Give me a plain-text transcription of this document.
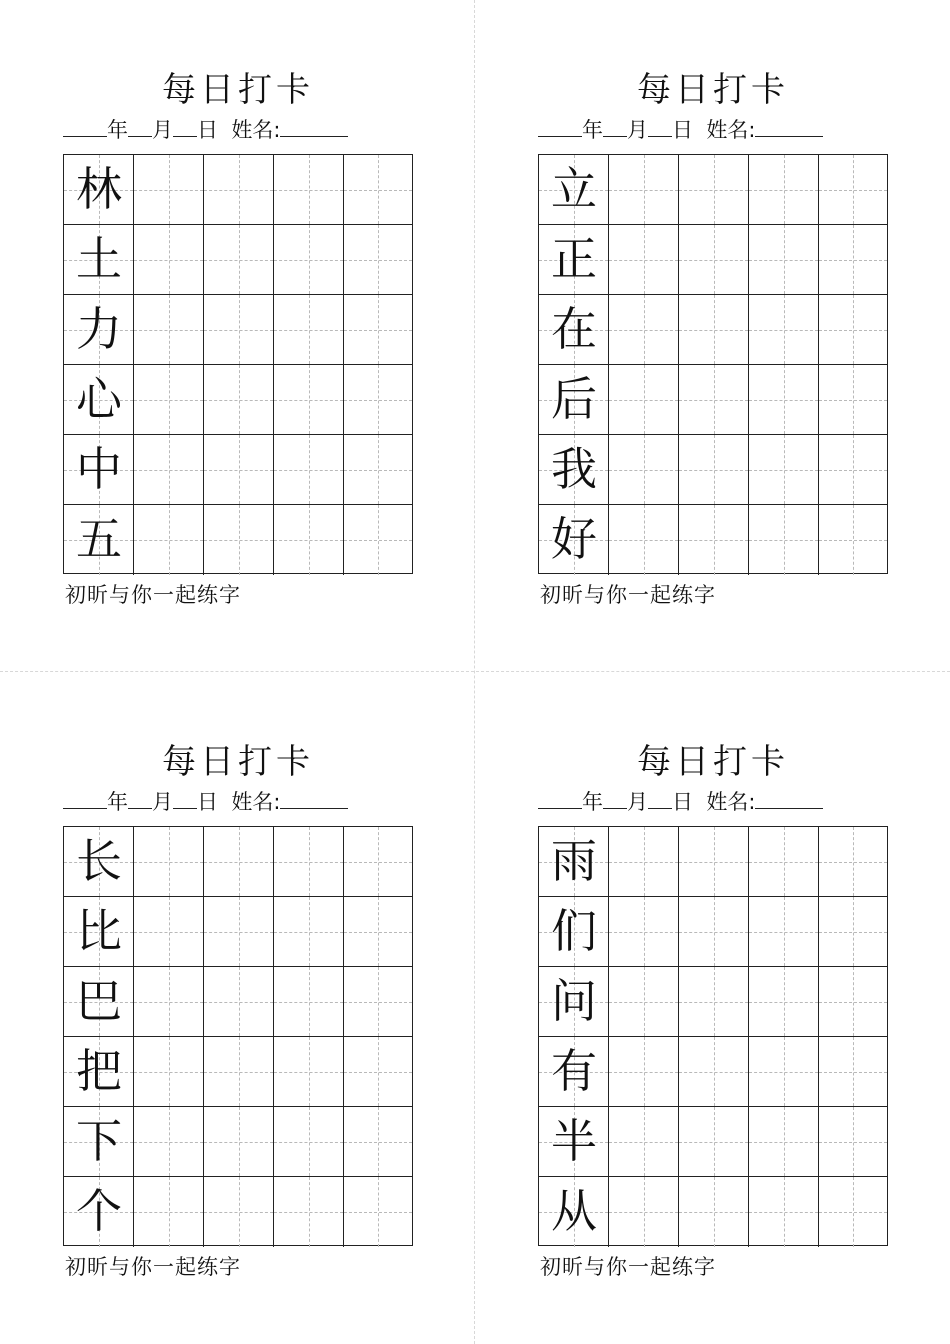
每日打卡
年 月 日 姓名:
林
土
力
心
中
五
初昕与你一起练字
每日打卡
年 月 日 姓名:
立
正
在
后
我
好
初昕与你一起练字
每日打卡
年 月 日 姓名:
长
比
巴
把
下
个
初昕与你一起练字
每日打卡
年 月 日 姓名:
雨
们
问
有
半
从
初昕与你一起练字
